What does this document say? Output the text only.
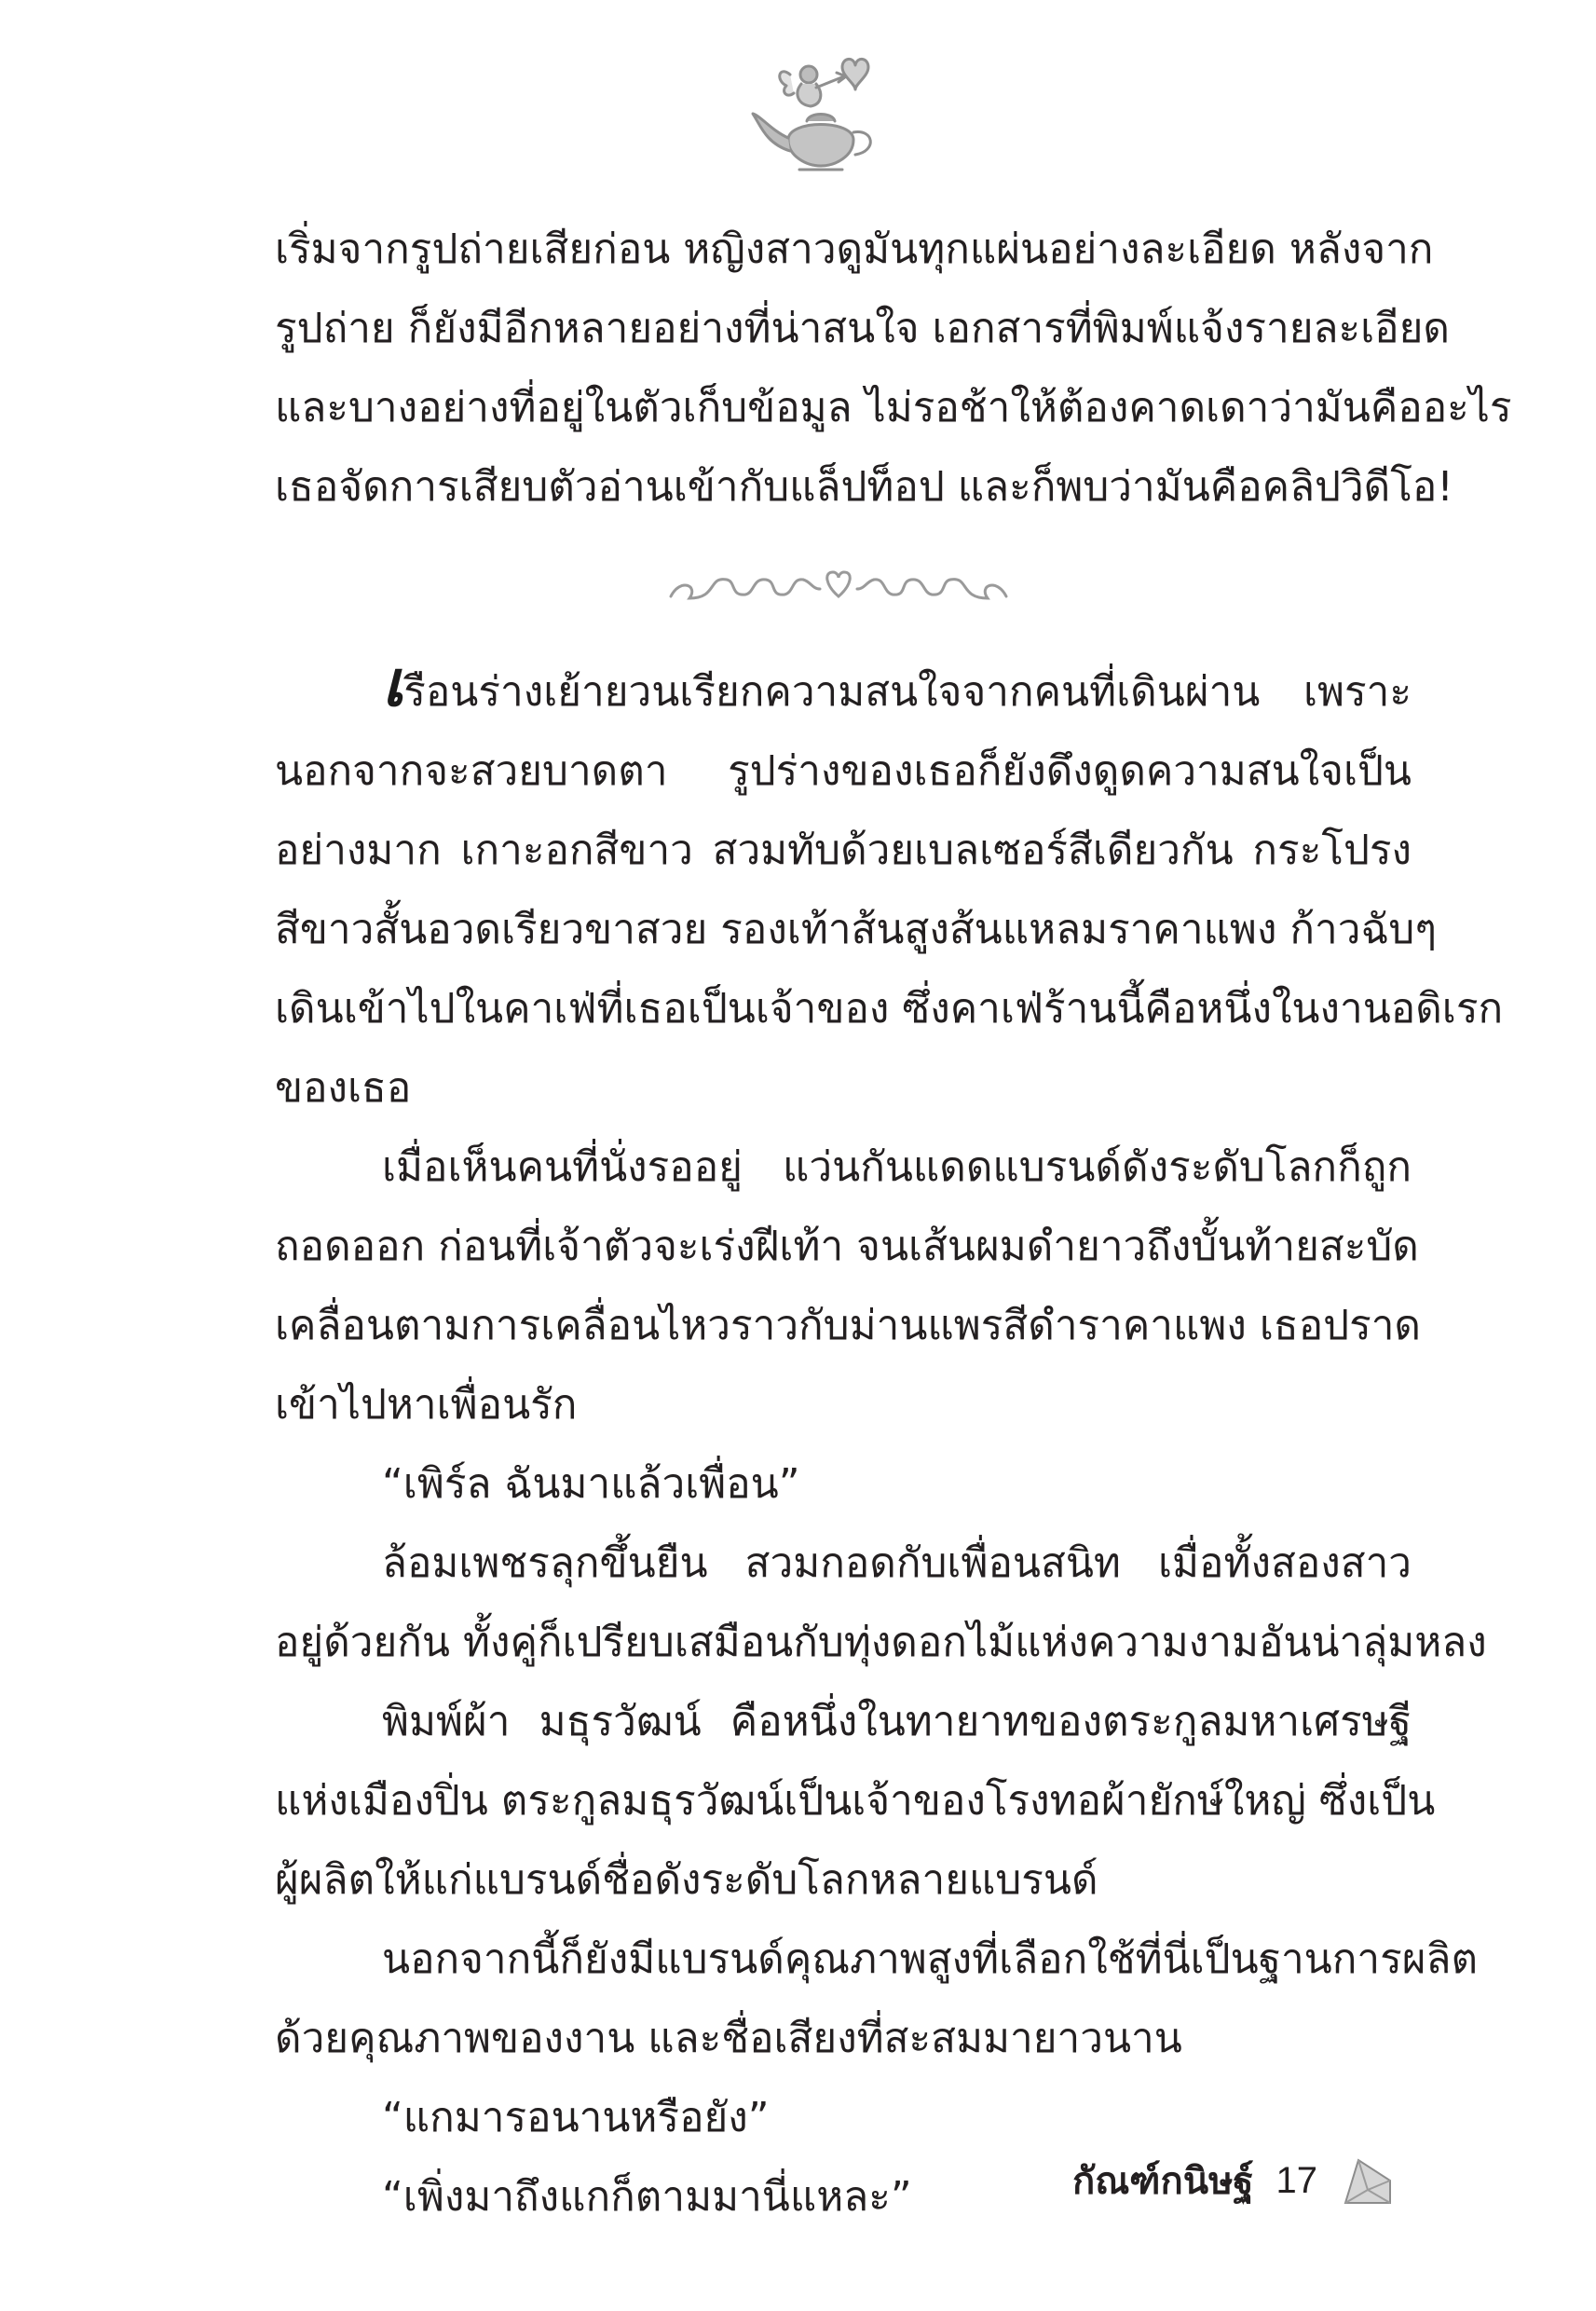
เริ่มจากรูปถ่ายเสียก่อน หญิงสาวดูมันทุกแผ่นอย่างละเอียด หลังจาก

รูปถ่าย ก็ยังมีอีกหลายอย่างที่น่าสนใจ เอกสารที่พิมพ์แจ้งรายละเอียด

และบางอย่างที่อยู่ในตัวเก็บข้อมูล ไม่รอช้าให้ต้องคาดเดาว่ามันคืออะไร

เธอจัดการเสียบตัวอ่านเข้ากับแล็ปท็อป และก็พบว่ามันคือคลิปวิดีโอ!

เรือนร่างเย้ายวนเรียกความสนใจจากคนที่เดินผ่าน เพราะ

นอกจากจะสวยบาดตา รูปร่างของเธอก็ยังดึงดูดความสนใจเป็น

อย่างมาก เกาะอกสีขาว สวมทับด้วยเบลเซอร์สีเดียวกัน กระโปรง

สีขาวสั้นอวดเรียวขาสวย รองเท้าส้นสูงส้นแหลมราคาแพง ก้าวฉับๆ

เดินเข้าไปในคาเฟ่ที่เธอเป็นเจ้าของ ซึ่งคาเฟ่ร้านนี้คือหนึ่งในงานอดิเรก

ของเธอ

เมื่อเห็นคนที่นั่งรออยู่ แว่นกันแดดแบรนด์ดังระดับโลกก็ถูก

ถอดออก ก่อนที่เจ้าตัวจะเร่งฝีเท้า จนเส้นผมดำยาวถึงบั้นท้ายสะบัด

เคลื่อนตามการเคลื่อนไหวราวกับม่านแพรสีดำราคาแพง เธอปราด

เข้าไปหาเพื่อนรัก

“เพิร์ล ฉันมาแล้วเพื่อน”

ล้อมเพชรลุกขึ้นยืน สวมกอดกับเพื่อนสนิท เมื่อทั้งสองสาว

อยู่ด้วยกัน ทั้งคู่ก็เปรียบเสมือนกับทุ่งดอกไม้แห่งความงามอันน่าลุ่มหลง

พิมพ์ผ้า มธุรวัฒน์ คือหนึ่งในทายาทของตระกูลมหาเศรษฐี

แห่งเมืองปิ่น ตระกูลมธุรวัฒน์เป็นเจ้าของโรงทอผ้ายักษ์ใหญ่ ซึ่งเป็น

ผู้ผลิตให้แก่แบรนด์ชื่อดังระดับโลกหลายแบรนด์

นอกจากนี้ก็ยังมีแบรนด์คุณภาพสูงที่เลือกใช้ที่นี่เป็นฐานการผลิต

ด้วยคุณภาพของงาน และชื่อเสียงที่สะสมมายาวนาน

“แกมารอนานหรือยัง”

“เพิ่งมาถึงแกก็ตามมานี่แหละ”	กัณฑ์กนิษฐ์ 17
